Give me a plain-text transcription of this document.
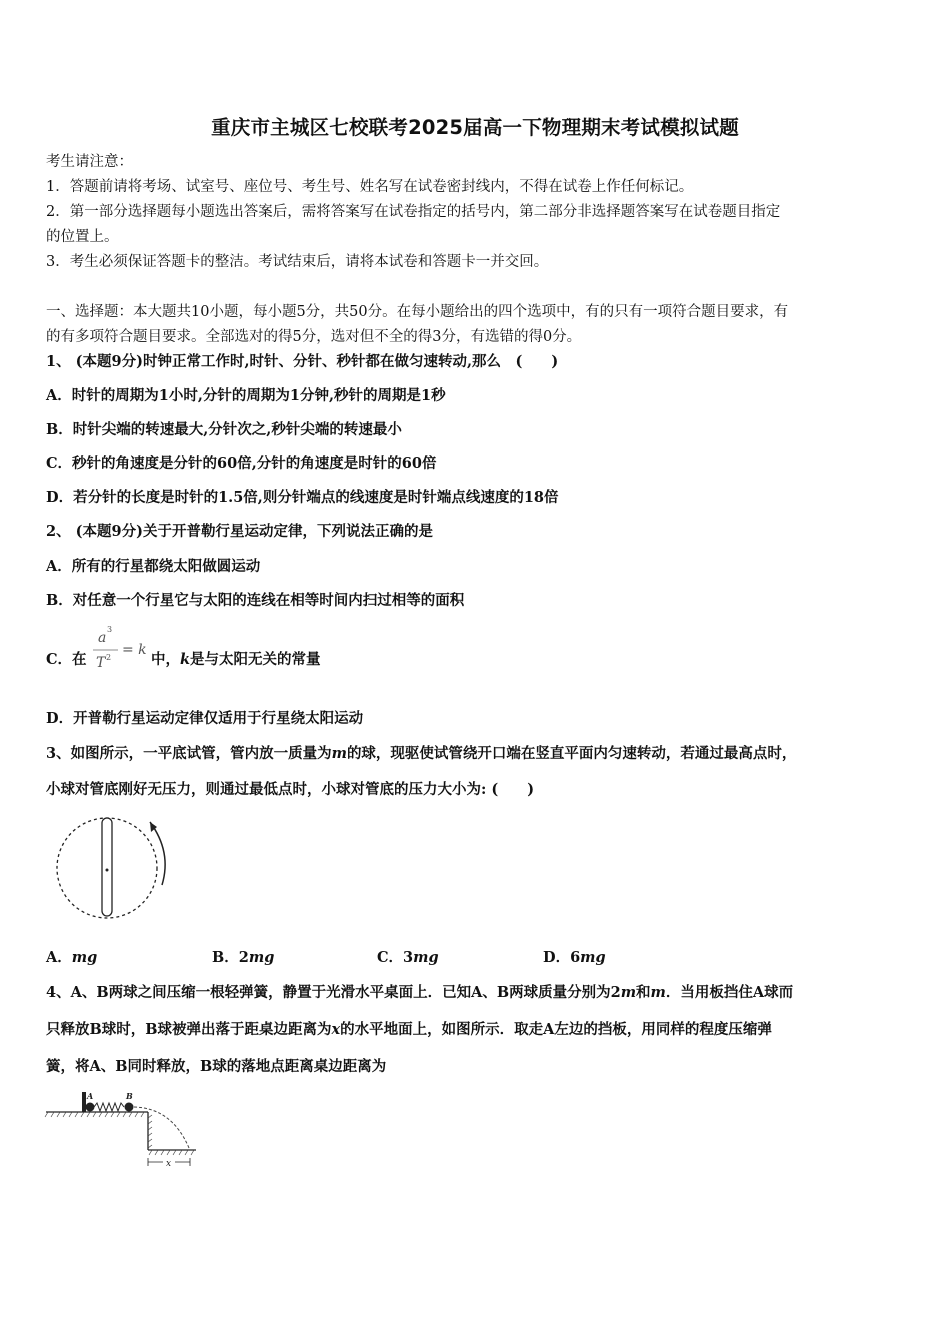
重庆市主城区七校联考2025届高一下物理期末考试模拟试题
考生请注意：
1．答题前请将考场、试室号、座位号、考生号、姓名写在试卷密封线内，不得在试卷上作任何标记。
2．第一部分选择题每小题选出答案后，需将答案写在试卷指定的括号内，第二部分非选择题答案写在试卷题目指定
的位置上。
3．考生必须保证答题卡的整洁。考试结束后，请将本试卷和答题卡一并交回。
一、选择题：本大题共10小题，每小题5分，共50分。在每小题给出的四个选项中，有的只有一项符合题目要求，有
的有多项符合题目要求。全部选对的得5分，选对但不全的得3分，有选错的得0分。
1、 (本题9分)时钟正常工作时,时针、分针、秒针都在做匀速转动,那么　(　　)
A．时针的周期为1小时,分针的周期为1分钟,秒针的周期是1秒
B．时针尖端的转速最大,分针次之,秒针尖端的转速最小
C．秒针的角速度是分针的60倍,分针的角速度是时针的60倍
D．若分针的长度是时针的1.5倍,则分针端点的线速度是时针端点线速度的18倍
2、 (本题9分)关于开普勒行星运动定律，下列说法正确的是
A．所有的行星都绕太阳做圆运动
B．对任意一个行星它与太阳的连线在相等时间内扫过相等的面积
C．在
a
3
T 2 = k
中，k是与太阳无关的常量
D．开普勒行星运动定律仅适用于行星绕太阳运动
3、如图所示，一平底试管，管内放一质量为m的球，现驱使试管绕开口端在竖直平面内匀速转动，若通过最高点时，
小球对管底刚好无压力，则通过最低点时，小球对管底的压力大小为: (　　)
A．mg	B．2mg	C．3mg	D．6mg
4、A、B两球之间压缩一根轻弹簧，静置于光滑水平桌面上．已知A、B两球质量分别为2m和m．当用板挡住A球而
只释放B球时，B球被弹出落于距桌边距离为x的水平地面上，如图所示．取走A左边的挡板，用同样的程度压缩弹
簧，将A、B同时释放，B球的落地点距离桌边距离为
A	B
x
